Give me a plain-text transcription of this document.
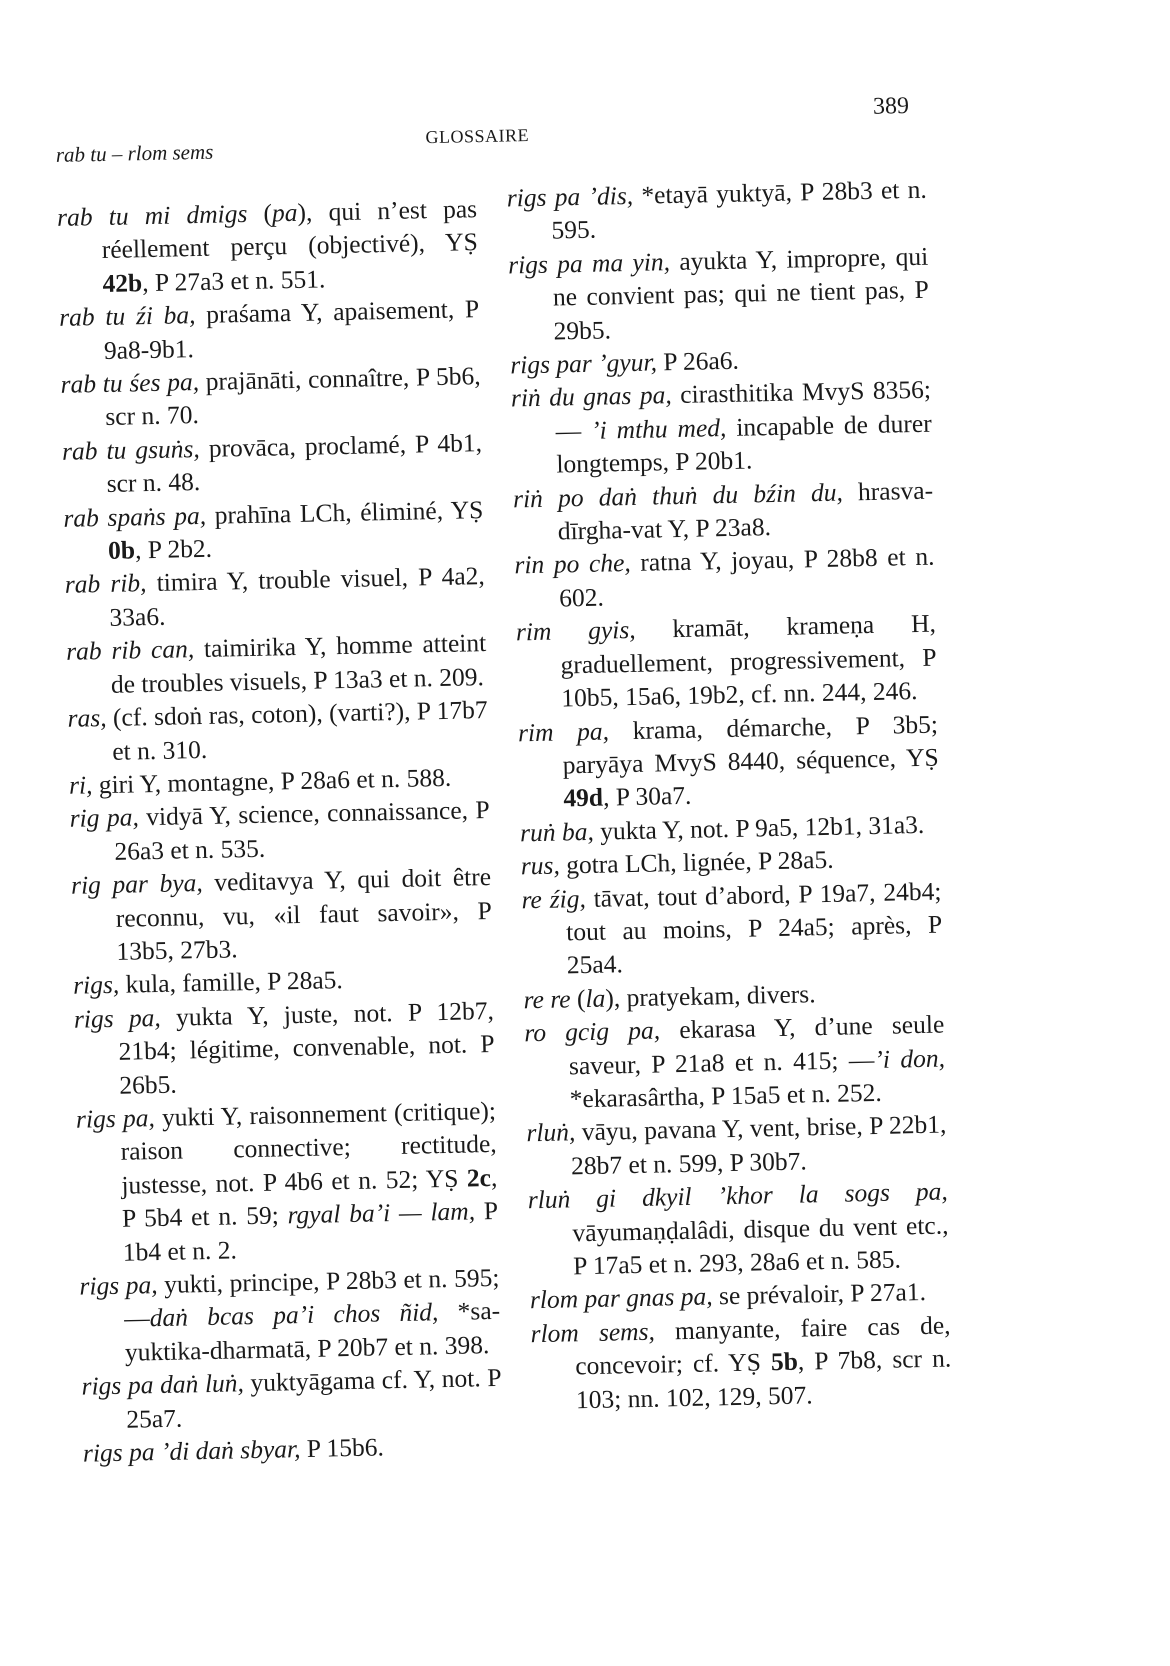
rab tu – rlom sems
GLOSSAIRE
389

rab tu mi dmigs (pa), qui n’est pas réellement perçu (objectivé), YṢ 42b, P 27a3 et n. 551.

rab tu źi ba, praśama Y, apaisement, P 9a8-9b1.

rab tu śes pa, prajānāti, connaître, P 5b6, scr n. 70.

rab tu gsuṅs, provāca, proclamé, P 4b1, scr n. 48.

rab spaṅs pa, prahīna LCh, éliminé, YṢ 0b, P 2b2.

rab rib, timira Y, trouble visuel, P 4a2, 33a6.

rab rib can, taimirika Y, homme atteint de troubles visuels, P 13a3 et n. 209.

ras, (cf. sdoṅ ras, coton), (varti?), P 17b7 et n. 310.

ri, giri Y, montagne, P 28a6 et n. 588.

rig pa, vidyā Y, science, connaissance, P 26a3 et n. 535.

rig par bya, veditavya Y, qui doit être reconnu, vu, «il faut savoir», P 13b5, 27b3.

rigs, kula, famille, P 28a5.

rigs pa, yukta Y, juste, not. P 12b7, 21b4; légitime, convenable, not. P 26b5.

rigs pa, yukti Y, raisonnement (critique); raison connective; rectitude, justesse, not. P 4b6 et n. 52; YṢ 2c, P 5b4 et n. 59; rgyal ba’i — lam, P 1b4 et n. 2.

rigs pa, yukti, principe, P 28b3 et n. 595; —daṅ bcas pa’i chos ñid, *sa-yuktika-dharmatā, P 20b7 et n. 398.

rigs pa daṅ luṅ, yuktyāgama cf. Y, not. P 25a7.

rigs pa ’di daṅ sbyar, P 15b6.

rigs pa ’dis, *etayā yuktyā, P 28b3 et n. 595.

rigs pa ma yin, ayukta Y, impropre, qui ne convient pas; qui ne tient pas, P 29b5.

rigs par ’gyur, P 26a6.

riṅ du gnas pa, cirasthitika MvyS 8356; — ’i mthu med, incapable de durer longtemps, P 20b1.

riṅ po daṅ thuṅ du bźin du, hrasva-dīrgha-vat Y, P 23a8.

rin po che, ratna Y, joyau, P 28b8 et n. 602.

rim gyis, kramāt, krameṇa H, graduellement, progressivement, P 10b5, 15a6, 19b2, cf. nn. 244, 246.

rim pa, krama, démarche, P 3b5; paryāya MvyS 8440, séquence, YṢ 49d, P 30a7.

ruṅ ba, yukta Y, not. P 9a5, 12b1, 31a3.

rus, gotra LCh, lignée, P 28a5.

re źig, tāvat, tout d’abord, P 19a7, 24b4; tout au moins, P 24a5; après, P 25a4.

re re (la), pratyekam, divers.

ro gcig pa, ekarasa Y, d’une seule saveur, P 21a8 et n. 415; —’i don, *ekarasârtha, P 15a5 et n. 252.

rluṅ, vāyu, pavana Y, vent, brise, P 22b1, 28b7 et n. 599, P 30b7.

rluṅ gi dkyil ’khor la sogs pa, vāyumaṇḍalâdi, disque du vent etc., P 17a5 et n. 293, 28a6 et n. 585.

rlom par gnas pa, se prévaloir, P 27a1.

rlom sems, manyante, faire cas de, concevoir; cf. YṢ 5b, P 7b8, scr n. 103; nn. 102, 129, 507.
